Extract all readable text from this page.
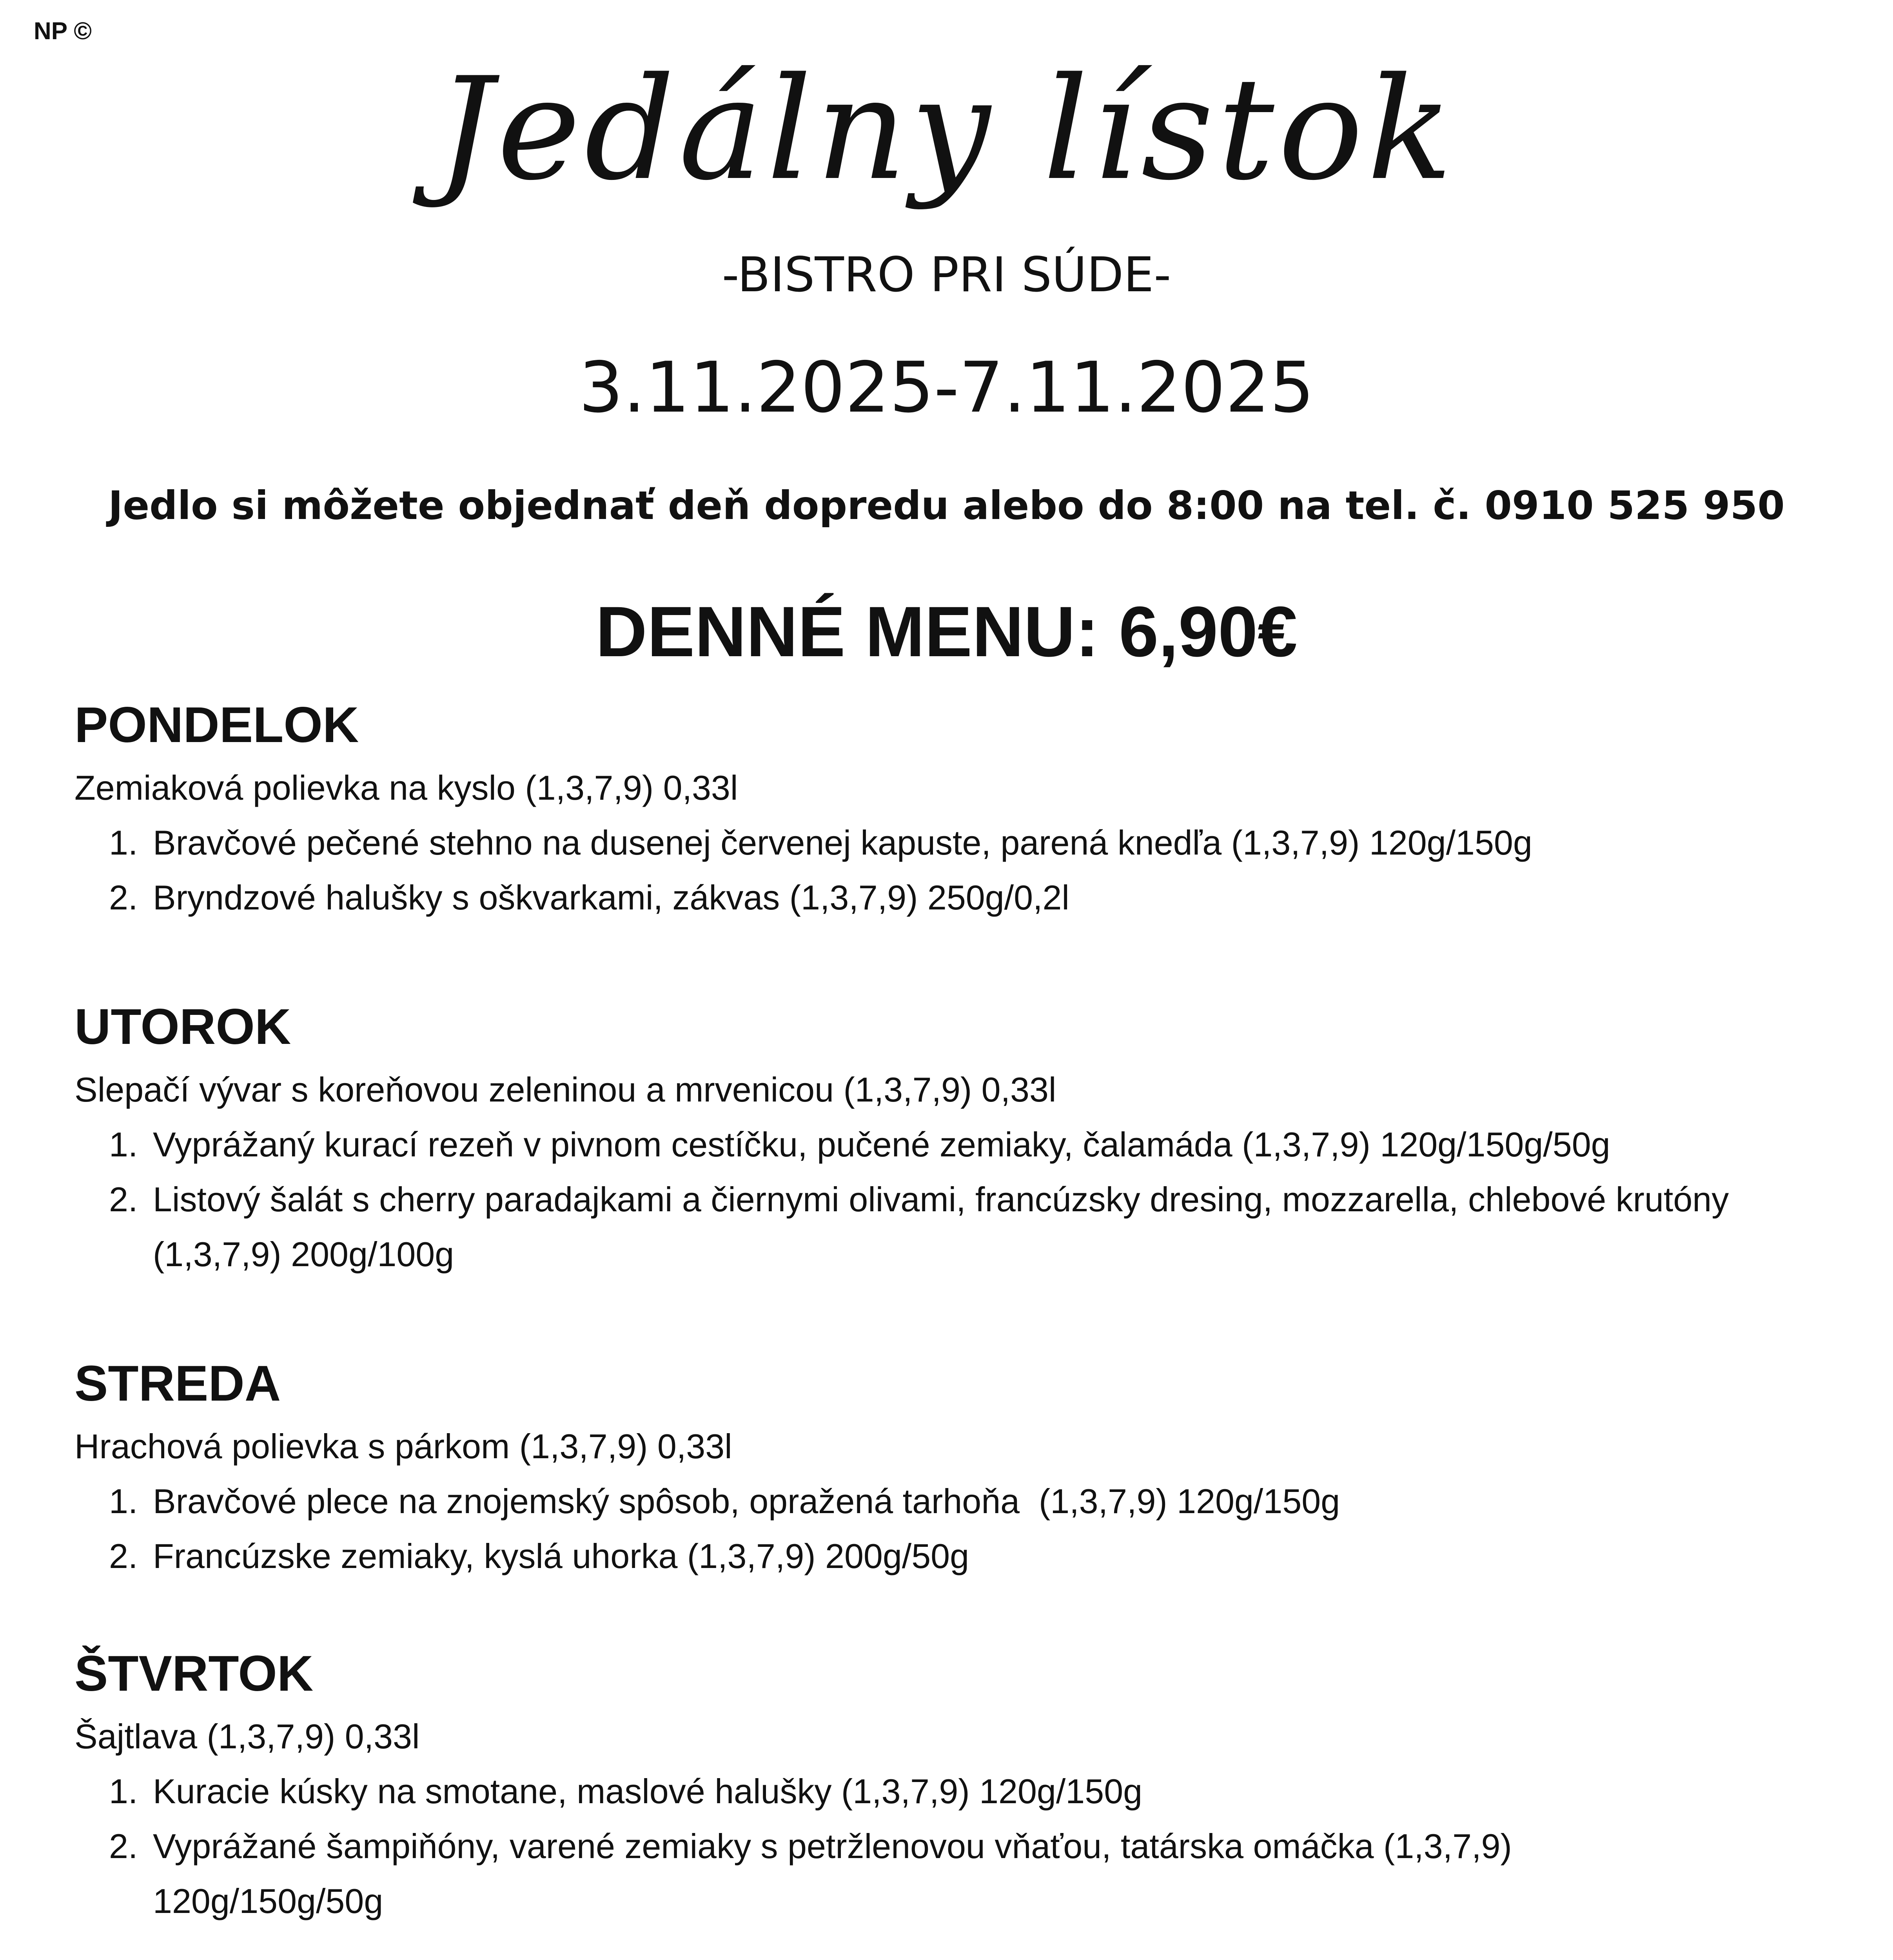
NP ©
Jedálny lístok
-BISTRO PRI SÚDE-
3.11.2025-7.11.2025
Jedlo si môžete objednať deň dopredu alebo do 8:00 na tel. č. 0910 525 950
DENNÉ MENU: 6,90€
PONDELOK

Zemiaková polievka na kyslo (1,3,7,9) 0,33l

1. Bravčové pečené stehno na dusenej červenej kapuste, parená knedľa (1,3,7,9) 120g/150g
2. Bryndzové halušky s oškvarkami, zákvas (1,3,7,9) 250g/0,2l
UTOROK

Slepačí vývar s koreňovou zeleninou a mrvenicou (1,3,7,9) 0,33l

1. Vyprážaný kurací rezeň v pivnom cestíčku, pučené zemiaky, čalamáda (1,3,7,9) 120g/150g/50g
2. Listový šalát s cherry paradajkami a čiernymi olivami, francúzsky dresing, mozzarella, chlebové krutóny (1,3,7,9) 200g/100g
STREDA

Hrachová polievka s párkom (1,3,7,9) 0,33l

1. Bravčové plece na znojemský spôsob, opražená tarhoňa  (1,3,7,9) 120g/150g
2. Francúzske zemiaky, kyslá uhorka (1,3,7,9) 200g/50g
ŠTVRTOK

Šajtlava (1,3,7,9) 0,33l

1. Kuracie kúsky na smotane, maslové halušky (1,3,7,9) 120g/150g
2. Vyprážané šampiňóny, varené zemiaky s petržlenovou vňaťou, tatárska omáčka (1,3,7,9) 120g/150g/50g
